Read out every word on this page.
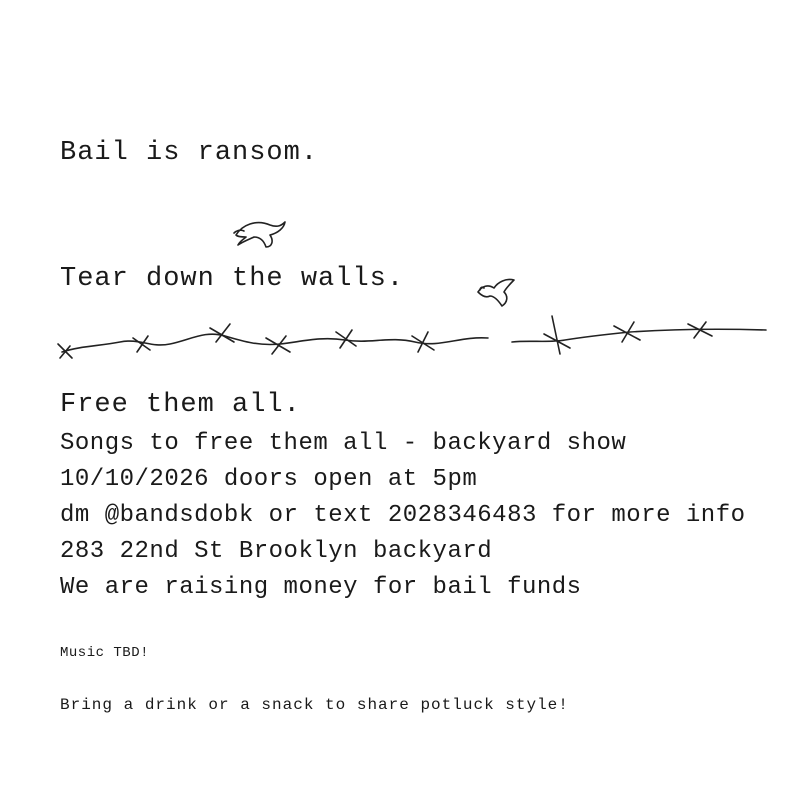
Bail is ransom.

Tear down the walls.

Free them all.

Songs to free them all - backyard show
10/10/2026 doors open at 5pm
dm @bandsdobk or text 2028346483 for more info
283 22nd St Brooklyn backyard
We are raising money for bail funds
Music TBD!
Bring a drink or a snack to share potluck style!
